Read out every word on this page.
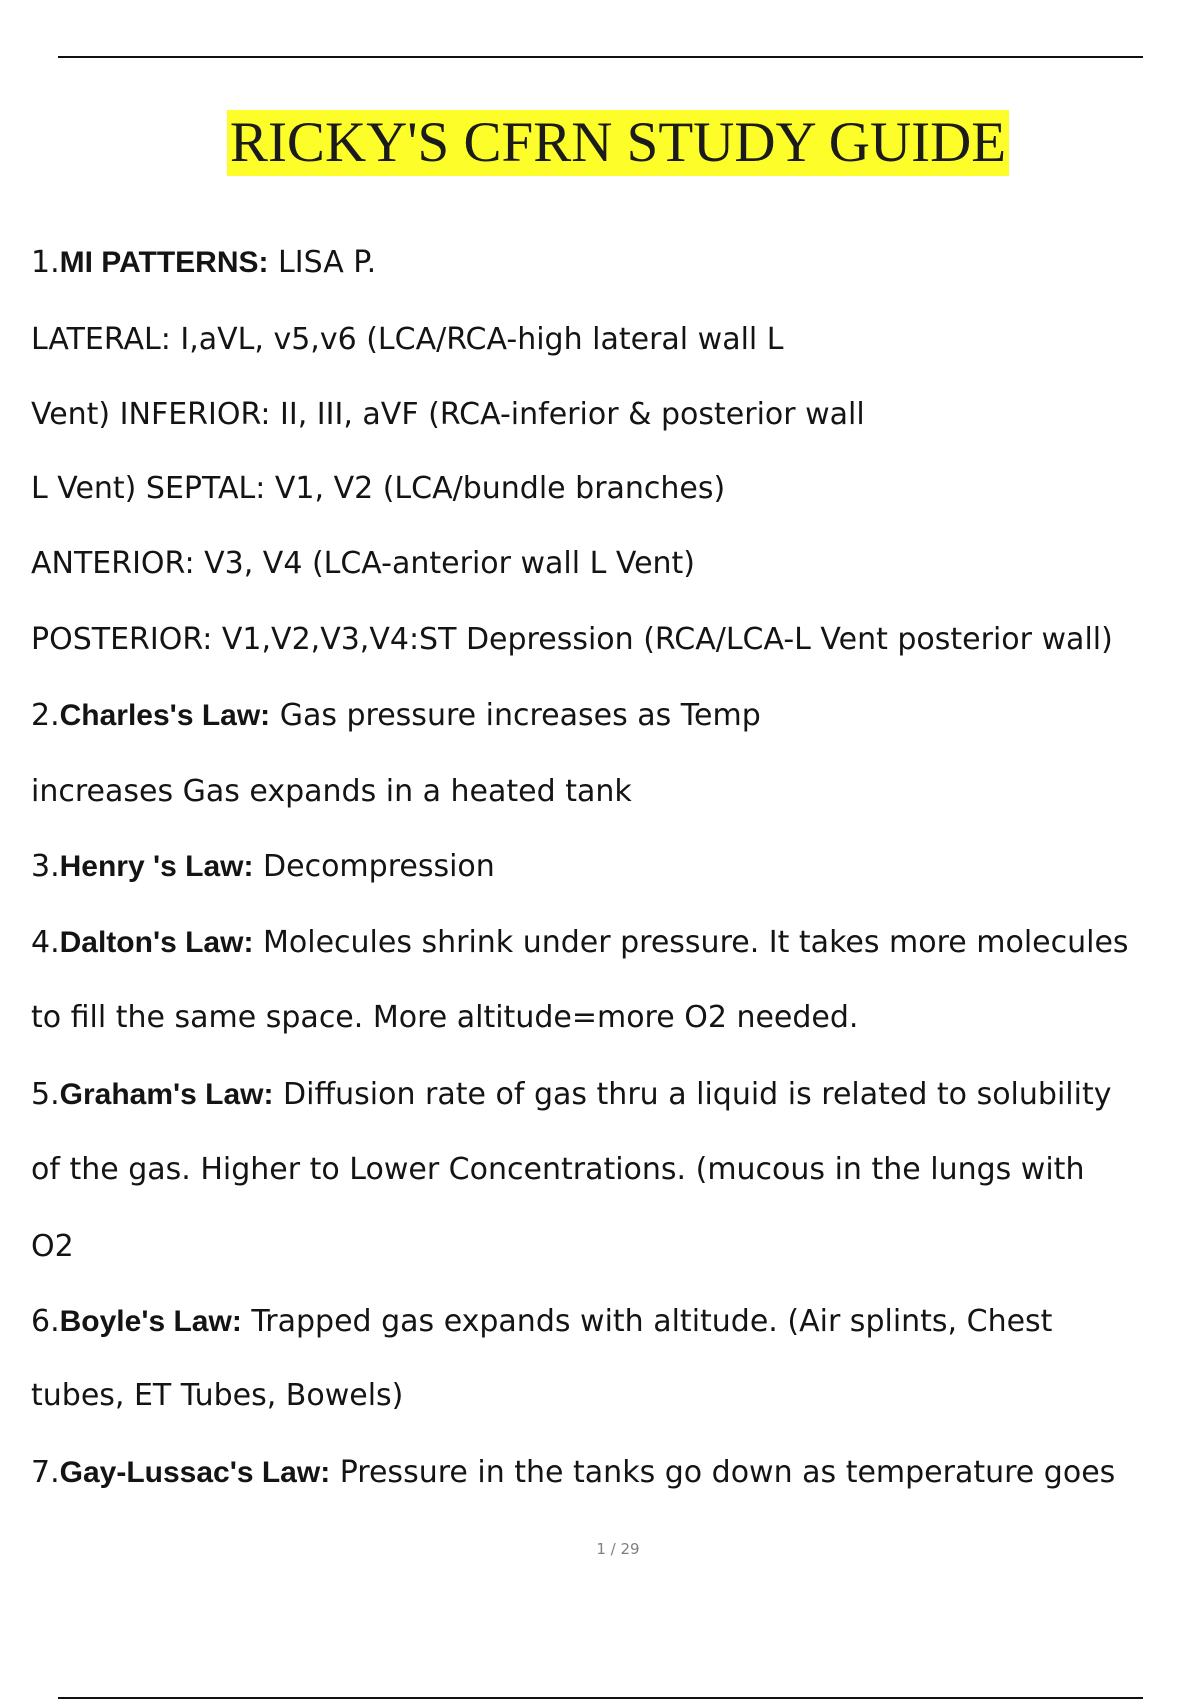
RICKY'S CFRN STUDY GUIDE
1.MI PATTERNS: LISA P.
LATERAL: I,aVL, v5,v6 (LCA/RCA-high lateral wall L
Vent) INFERIOR: II, III, aVF (RCA-inferior & posterior wall
L Vent) SEPTAL: V1, V2 (LCA/bundle branches)
ANTERIOR: V3, V4 (LCA-anterior wall L Vent)
POSTERIOR: V1,V2,V3,V4:ST Depression (RCA/LCA-L Vent posterior wall)
2.Charles's Law: Gas pressure increases as Temp
increases Gas expands in a heated tank
3.Henry 's Law: Decompression
4.Dalton's Law: Molecules shrink under pressure. It takes more molecules
to fill the same space. More altitude=more O2 needed.
5.Graham's Law: Diffusion rate of gas thru a liquid is related to solubility
of the gas. Higher to Lower Concentrations. (mucous in the lungs with
O2
6.Boyle's Law: Trapped gas expands with altitude. (Air splints, Chest
tubes, ET Tubes, Bowels)
7.Gay-Lussac's Law: Pressure in the tanks go down as temperature goes
1 / 29
